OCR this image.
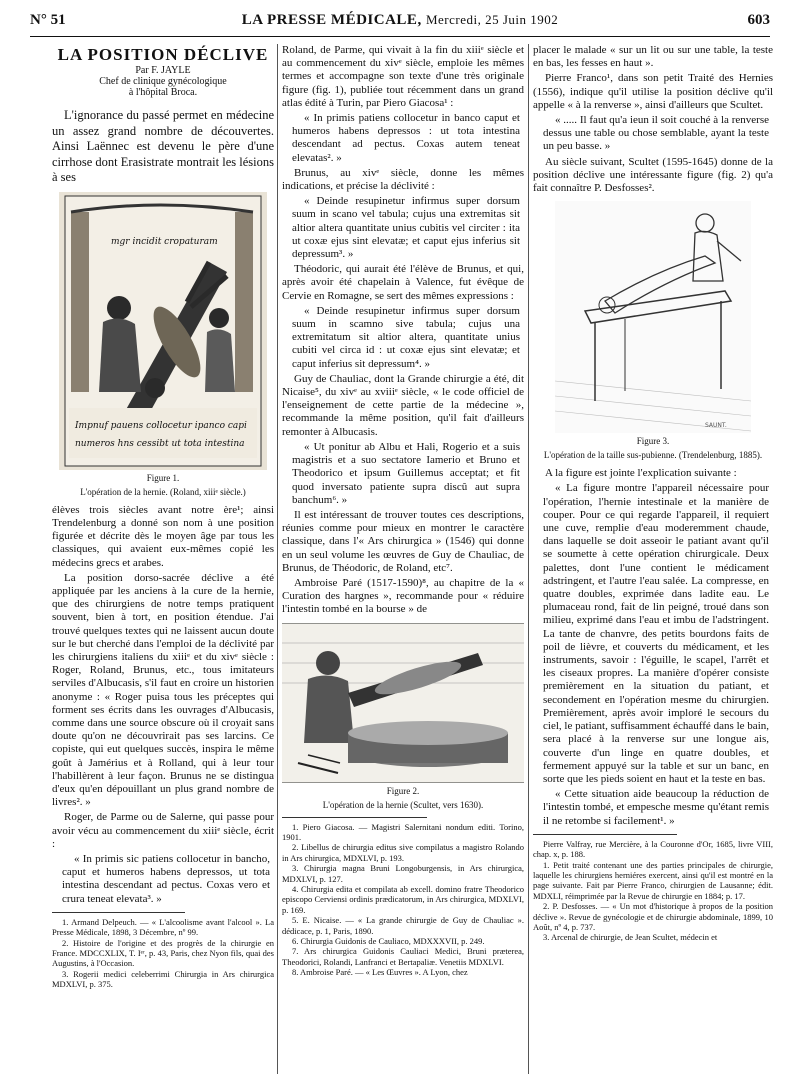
N° 51	LA PRESSE MÉDICALE, Mercredi, 25 Juin 1902	603
LA POSITION DÉCLIVE

Par F. JAYLE

Chef de clinique gynécologique

à l'hôpital Broca.

L'ignorance du passé permet en médecine un assez grand nombre de découvertes. Ainsi Laënnec est devenu le père d'une cirrhose dont Erasistrate montrait les lésions à ses

mgr incidit cropaturam
Impnuf pauens collocetur ipanco capi
numeros hns cessibt ut tota intestina
Figure 1.
L'opération de la hernie. (Roland, xiiiᵉ siècle.)

élèves trois siècles avant notre ère¹; ainsi Trendelenburg a donné son nom à une position figurée et décrite dès le moyen âge par tous les classiques, qui avaient eux-mêmes copié les médecins grecs et arabes.

La position dorso-sacrée déclive a été appliquée par les anciens à la cure de la hernie, que des chirurgiens de notre temps pratiquent souvent, bien à tort, en position étendue. J'ai trouvé quelques textes qui ne laissent aucun doute sur le but cherché dans l'emploi de la déclivité par les chirurgiens italiens du xiiiᵉ et du xivᵉ siècle : Roger, Roland, Brunus, etc., tous imitateurs serviles d'Albucasis, s'il faut en croire un historien anonyme : « Roger puisa tous les préceptes qui forment ses écrits dans les ouvrages d'Albucasis, comme dans une source obscure où il croyait sans doute qu'on ne découvrirait pas ses larcins. Ce copiste, qui eut quelques succès, inspira le même goût à Jamérius et à Rolland, qui à leur tour l'habillèrent à leur façon. Brunus ne se distingua d'eux qu'en dépouillant un plus grand nombre de livres². »

Roger, de Parme ou de Salerne, qui passe pour avoir vécu au commencement du xiiiᵉ siècle, écrit :

« In primis sic patiens collocetur in bancho, caput et humeros habens depressos, ut tota intestina descendant ad pectus. Coxas vero et crura teneat elevata³. »

1. Armand Delpeuch. — « L'alcoolisme avant l'alcool ». La Presse Médicale, 1898, 3 Décembre, nº 99.

2. Histoire de l'origine et des progrès de la chirurgie en France. MDCCXLIX, T. Iᵉʳ, p. 43, Paris, chez Nyon fils, quai des Augustins, à l'Occasion.

3. Rogerii medici celeberrimi Chirurgia in Ars chirurgica MDXLVI, p. 375.

Roland, de Parme, qui vivait à la fin du xiiiᵉ siècle et au commencement du xivᵉ siècle, emploie les mêmes termes et accompagne son texte d'une très originale figure (fig. 1), publiée tout récemment dans un grand atlas édité à Turin, par Piero Giacosa¹ :

« In primis patiens collocetur in banco caput et humeros habens depressos : ut tota intestina descendant ad pectus. Coxas autem teneat elevatas². »

Brunus, au xivᵉ siècle, donne les mêmes indications, et précise la déclivité :

« Deinde resupinetur infirmus super dorsum suum in scano vel tabula; cujus una extremitas sit altior altera quantitate unius cubitis vel circiter : ita ut coxæ ejus sint elevatæ; et caput ejus inferius sit depressum³. »

Théodoric, qui aurait été l'élève de Brunus, et qui, après avoir été chapelain à Valence, fut évêque de Cervie en Romagne, se sert des mêmes expressions :

« Deinde resupinetur infirmus super dorsum suum in scamno sive tabula; cujus una extremitatum sit altior altera, quantitate unius cubiti vel circa id : ut coxæ ejus sint elevatæ; et caput inferius sit depressum⁴. »

Guy de Chauliac, dont la Grande chirurgie a été, dit Nicaise⁵, du xivᵉ au xviiiᵉ siècle, « le code officiel de l'enseignement de cette partie de la médecine », recommande la même position, qu'il fait d'ailleurs remonter à Albucasis.

« Ut ponitur ab Albu et Hali, Rogerio et a suis magistris et a suo sectatore Iamerio et Bruno et Theodorico et ipsum Guillemus acceptat; et fit quod inversato patiente supra discû aut supra banchum⁶. »

Il est intéressant de trouver toutes ces descriptions, réunies comme pour mieux en montrer le caractère classique, dans l'« Ars chirurgica » (1546) qui donne en un seul volume les œuvres de Guy de Chauliac, de Brunus, de Théodoric, de Roland, etc⁷.

Ambroise Paré (1517-1590)⁸, au chapitre de la « Curation des hargnes », recommande pour « réduire l'intestin tombé en la bourse » de

Figure 2.
L'opération de la hernie (Scultet, vers 1630).

1. Piero Giacosa. — Magistri Salernitani nondum editi. Torino, 1901.

2. Libellus de chirurgia editus sive compilatus a magistro Rolando in Ars chirurgica, MDXLVI, p. 193.

3. Chirurgia magna Bruni Longoburgensis, in Ars chirurgica, MDXLVI, p. 127.

4. Chirurgia edita et compilata ab excell. domino fratre Theodorico episcopo Cerviensi ordinis prædicatorum, in Ars chirurgica, MDXLVI, p. 169.

5. E. Nicaise. — « La grande chirurgie de Guy de Chauliac ». dédicace, p. 1, Paris, 1890.

6. Chirurgia Guidonis de Cauliaco, MDXXXVII, p. 249.

7. Ars chirurgica Guidonis Cauliaci Medici, Bruni præterea, Theodorici, Rolandi, Lanfranci et Bertapaliæ. Venetiis MDXLVI.

8. Ambroise Paré. — « Les Œuvres ». A Lyon, chez

placer le malade « sur un lit ou sur une table, la teste en bas, les fesses en haut ».

Pierre Franco¹, dans son petit Traité des Hernies (1556), indique qu'il utilise la position déclive qu'il appelle « à la renverse », ainsi d'ailleurs que Scultet.

« ..... Il faut qu'a ieun il soit couché à la renverse dessus une table ou chose semblable, ayant la teste un peu basse. »

Au siècle suivant, Scultet (1595-1645) donne de la position déclive une intéressante figure (fig. 2) qu'a fait connaître P. Desfosses².

SAUNT.
Figure 3.
L'opération de la taille sus-pubienne. (Trendelenburg, 1885).

A la figure est jointe l'explication suivante :

« La figure montre l'appareil nécessaire pour l'opération, l'hernie intestinale et la manière de couper. Pour ce qui regarde l'appareil, il requiert une cuve, remplie d'eau moderemment chaude, dans laquelle se doit asseoir le patiant avant qu'il se soumette à cette opération chirurgicale. Deux palettes, dont l'une contient le médicament adstringent, et l'autre l'eau salée. La compresse, en quatre doubles, exprimée dans ladite eau. Le plumaceau rond, fait de lin peigné, troué dans son milieu, exprimé dans l'eau et imbu de l'adstringent. La tante de chanvre, des petits bourdons faits de poil de lièvre, et couverts du médicament, et les instruments, savoir : l'éguille, le scapel, l'arrêt et les ciseaux propres. La manière d'opérer consiste premièrement en la situation du patiant, et secondement en l'opération mesme du chirurgien. Premièrement, après avoir imploré le secours du ciel, le patiant, suffisamment échauffé dans le bain, sera placé à la renverse sur une longue ais, couverte d'un linge en quatre doubles, et fermement appuyé sur la table et sur un banc, en sorte que les pieds soient en haut et la teste en bas.

« Cette situation aide beaucoup la réduction de l'intestin tombé, et empesche mesme qu'étant remis il ne retombe si facilement¹. »

Pierre Valfray, rue Mercière, à la Couronne d'Or, 1685, livre VIII, chap. x, p. 188.

1. Petit traité contenant une des parties principales de chirurgie, laquelle les chirurgiens herniéres exercent, ainsi qu'il est montré en la page suivante. Fait par Pierre Franco, chirurgien de Lausanne; édit. MDXLI, réimprimée par la Revue de chirurgie en 1884; p. 17.

2. P. Desfosses. — « Un mot d'historique à propos de la position déclive ». Revue de gynécologie et de chirurgie abdominale, 1899, 10 Août, nº 4, p. 737.

3. Arcenal de chirurgie, de Jean Scultet, médecin et
